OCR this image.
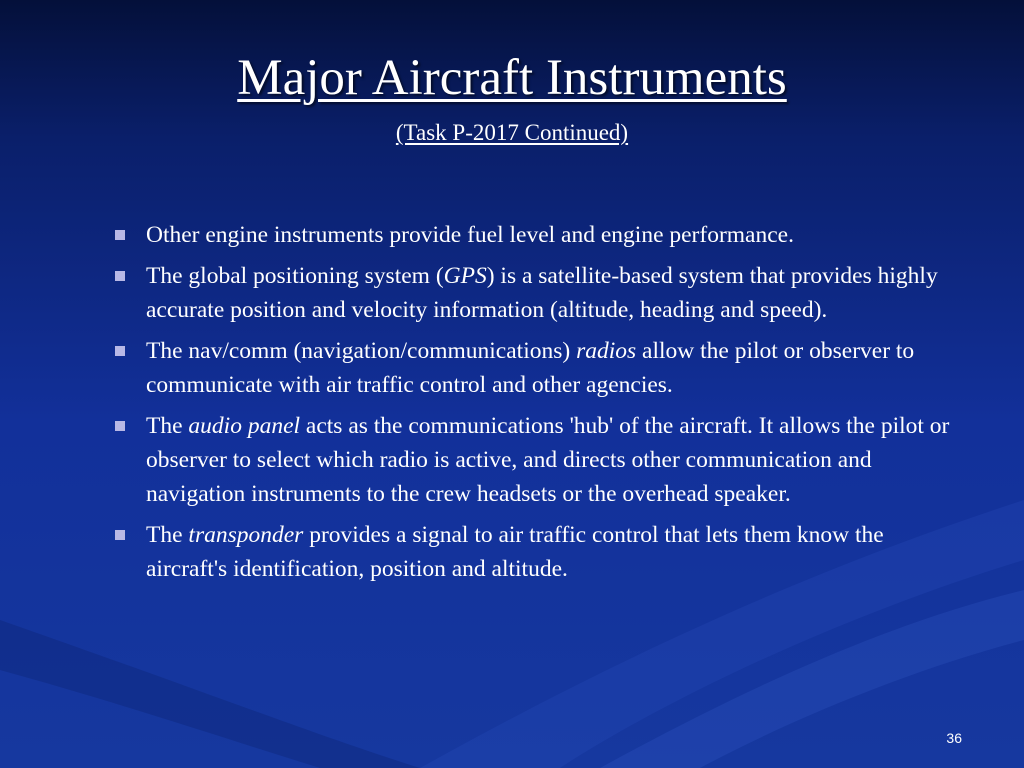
Major Aircraft Instruments
(Task P-2017 Continued)
Other engine instruments provide fuel level and engine performance.
The global positioning system (GPS) is a satellite-based system that provides highly accurate position and velocity information (altitude, heading and speed).
The nav/comm (navigation/communications) radios allow the pilot or observer to communicate with air traffic control and other agencies.
The audio panel acts as the communications 'hub' of the aircraft. It allows the pilot or observer to select which radio is active, and directs other communication and navigation instruments to the crew headsets or the overhead speaker.
The transponder provides a signal to air traffic control that lets them know the aircraft's identification, position and altitude.
36
